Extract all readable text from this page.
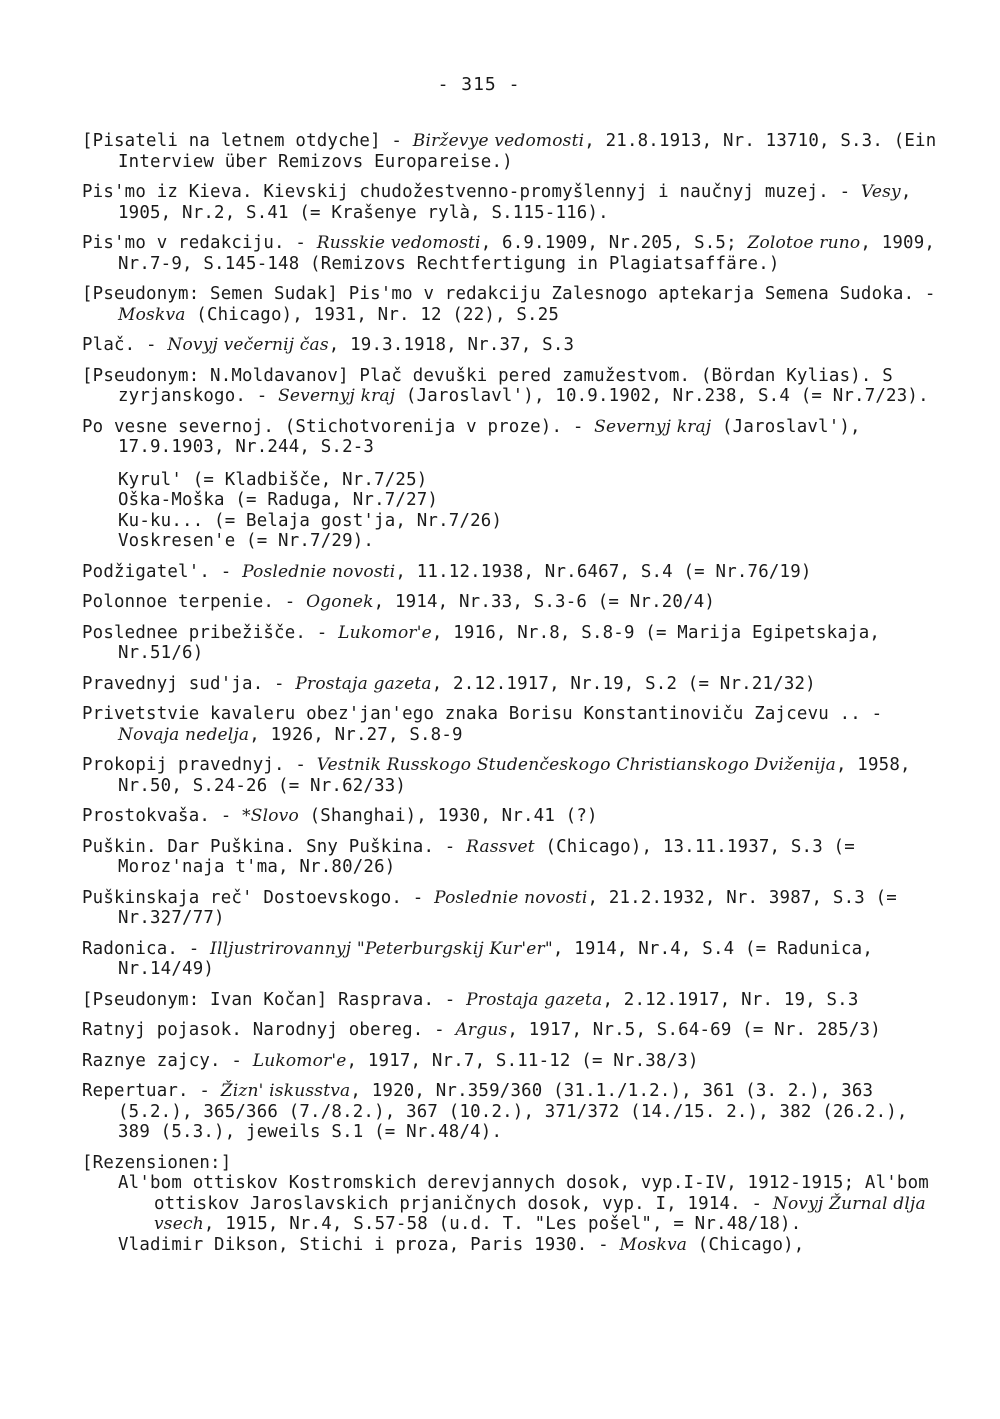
- 315 -
[Pisateli na letnem otdyche] - Birževye vedomosti, 21.8.1913, Nr. 13710, S.3. (Ein Interview über Remizovs Europareise.)
Pis'mo iz Kieva. Kievskij chudožestvenno-promyšlennyj i naučnyj muzej. - Vesy, 1905, Nr.2, S.41 (= Krašenye rylà, S.115-116).
Pis'mo v redakciju. - Russkie vedomosti, 6.9.1909, Nr.205, S.5; Zolotoe runo, 1909, Nr.7-9, S.145-148 (Remizovs Rechtfertigung in Plagiatsaffäre.)
[Pseudonym: Semen Sudak] Pis'mo v redakciju Zalesnogo aptekarja Semena Sudoka. - Moskva (Chicago), 1931, Nr. 12 (22), S.25
Plač. - Novyj večernij čas, 19.3.1918, Nr.37, S.3
[Pseudonym: N.Moldavanov] Plač devuški pered zamužestvom. (Bördan Kylias). S zyrjanskogo. - Severnyj kraj (Jaroslavl'), 10.9.1902, Nr.238, S.4 (= Nr.7/23).
Po vesne severnoj. (Stichotvorenija v proze). - Severnyj kraj (Jaroslavl'), 17.9.1903, Nr.244, S.2-3
Kyrul' (= Kladbišče, Nr.7/25)
Oška-Moška (= Raduga, Nr.7/27)
Ku-ku... (= Belaja gost'ja, Nr.7/26)
Voskresen'e (= Nr.7/29).
Podžigatel'. - Poslednie novosti, 11.12.1938, Nr.6467, S.4 (= Nr.76/19)
Polonnoe terpenie. - Ogonek, 1914, Nr.33, S.3-6 (= Nr.20/4)
Poslednee pribežišče. - Lukomor'e, 1916, Nr.8, S.8-9 (= Marija Egipetskaja, Nr.51/6)
Pravednyj sud'ja. - Prostaja gazeta, 2.12.1917, Nr.19, S.2 (= Nr.21/32)
Privetstvie kavaleru obez'jan'ego znaka Borisu Konstantinoviču Zajcevu .. - Novaja nedelja, 1926, Nr.27, S.8-9
Prokopij pravednyj. - Vestnik Russkogo Studenčeskogo Christianskogo Dviženija, 1958, Nr.50, S.24-26 (= Nr.62/33)
Prostokvaša. - *Slovo (Shanghai), 1930, Nr.41 (?)
Puškin. Dar Puškina. Sny Puškina. - Rassvet (Chicago), 13.11.1937, S.3 (= Moroz'naja t'ma, Nr.80/26)
Puškinskaja reč' Dostoevskogo. - Poslednie novosti, 21.2.1932, Nr. 3987, S.3 (= Nr.327/77)
Radonica. - Illjustrirovannyj "Peterburgskij Kur'er", 1914, Nr.4, S.4 (= Radunica, Nr.14/49)
[Pseudonym: Ivan Kočan] Rasprava. - Prostaja gazeta, 2.12.1917, Nr. 19, S.3
Ratnyj pojasok. Narodnyj obereg. - Argus, 1917, Nr.5, S.64-69 (= Nr. 285/3)
Raznye zajcy. - Lukomor'e, 1917, Nr.7, S.11-12 (= Nr.38/3)
Repertuar. - Žizn' iskusstva, 1920, Nr.359/360 (31.1./1.2.), 361 (3. 2.), 363 (5.2.), 365/366 (7./8.2.), 367 (10.2.), 371/372 (14./15. 2.), 382 (26.2.), 389 (5.3.), jeweils S.1 (= Nr.48/4).
[Rezensionen:]
Al'bom ottiskov Kostromskich derevjannych dosok, vyp.I-IV, 1912-1915; Al'bom ottiskov Jaroslavskich prjaničnych dosok, vyp. I, 1914. - Novyj Žurnal dlja vsech, 1915, Nr.4, S.57-58 (u.d. T. "Les pošel", = Nr.48/18).
Vladimir Dikson, Stichi i proza, Paris 1930. - Moskva (Chicago),
